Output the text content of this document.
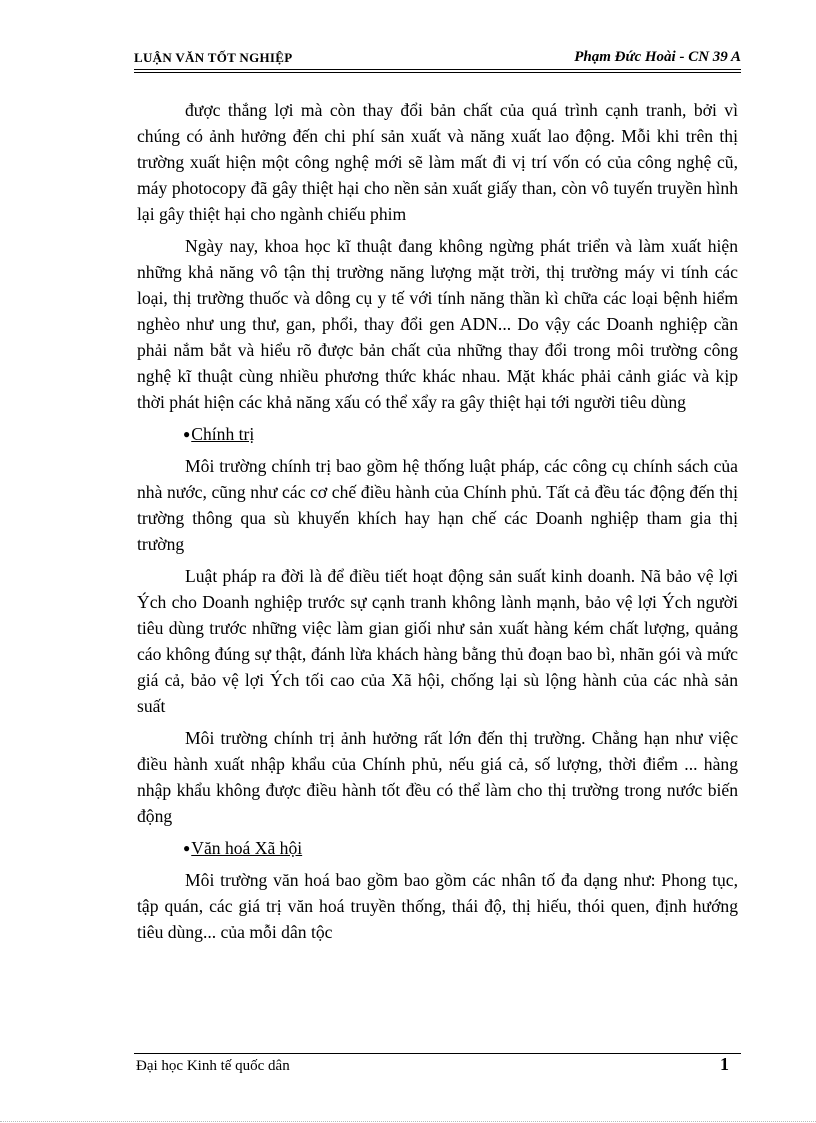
LUẬN VĂN TỐT NGHIỆP	Phạm Đức Hoài - CN 39 A

được thắng lợi mà còn thay đổi bản chất của quá trình cạnh tranh, bởi vì chúng có ảnh hưởng đến chi phí sản xuất và năng xuất lao động. Mỗi khi trên thị trường xuất hiện một công nghệ mới sẽ làm mất đi vị trí vốn có của công nghệ cũ, máy photocopy đã gây thiệt hại cho nền sản xuất giấy than, còn vô tuyến truyền hình lại gây thiệt hại cho ngành chiếu phim

Ngày nay, khoa học kĩ thuật đang không ngừng phát triển và làm xuất hiện những khả năng vô tận thị trường năng lượng mặt trời, thị trường máy vi tính các loại, thị trường thuốc và dông cụ y tế với tính năng thần kì chữa các loại bệnh hiểm nghèo như ung thư, gan, phổi, thay đổi gen ADN... Do vậy các Doanh nghiệp cần phải nắm bắt và hiểu rõ được bản chất của những thay đổi trong môi trường công nghệ kĩ thuật cùng nhiều phương thức khác nhau. Mặt khác phải cảnh giác và kịp thời phát hiện các khả năng xấu có thể xẩy ra gây thiệt hại tới người tiêu dùng

●Chính trị

Môi trường chính trị bao gồm hệ thống luật pháp, các công cụ chính sách của nhà nước, cũng như các cơ chế điều hành của Chính phủ. Tất cả đều tác động đến thị trường thông qua sù khuyến khích hay hạn chế các Doanh nghiệp tham gia thị trường

Luật pháp ra đời là để điều tiết hoạt động sản suất kinh doanh. Nã bảo vệ lợi Ých cho Doanh nghiệp trước sự cạnh tranh không lành mạnh, bảo vệ lợi Ých người tiêu dùng trước những việc làm gian giối như sản xuất hàng kém chất lượng, quảng cáo không đúng sự thật, đánh lừa khách hàng bằng thủ đoạn bao bì, nhãn gói và mức giá cả, bảo vệ lợi Ých tối cao của Xã hội, chống lại sù lộng hành của các nhà sản suất

Môi trường chính trị ảnh hưởng rất lớn đến thị trường. Chẳng hạn như việc điều hành xuất nhập khẩu của Chính phủ, nếu giá cả, số lượng, thời điểm ... hàng nhập khẩu không được điều hành tốt đều có thể làm cho thị trường trong nước biến động

●Văn hoá Xã hội

Môi trường văn hoá bao gồm bao gồm các nhân tố đa dạng như: Phong tục, tập quán, các giá trị văn hoá truyền thống, thái độ, thị hiếu, thói quen, định hướng tiêu dùng... của mỗi dân tộc

Đại học Kinh tế quốc dân	1
